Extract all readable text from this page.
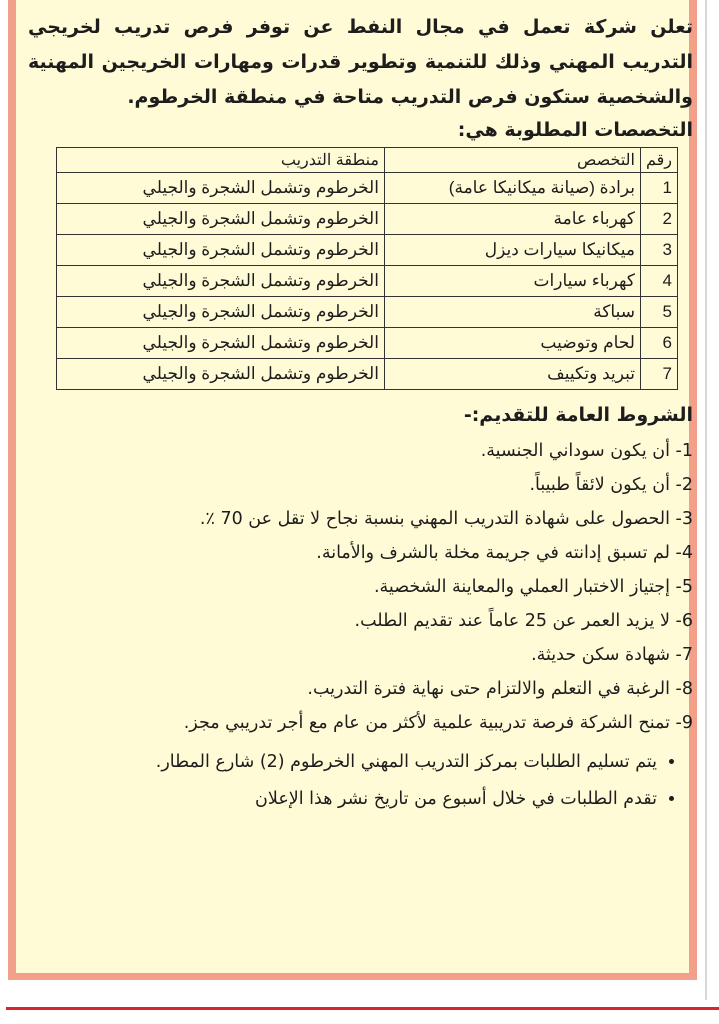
تعلن شركة تعمل في مجال النفط عن توفر فرص تدريب لخريجي التدريب المهني وذلك للتنمية وتطوير قدرات ومهارات الخريجين المهنية والشخصية ستكون فرص التدريب متاحة في منطقة الخرطوم.

التخصصات المطلوبة هي:

رقم	التخصص	منطقة التدريب
1	برادة (صيانة ميكانيكا عامة)	الخرطوم وتشمل الشجرة والجيلي
2	كهرباء عامة	الخرطوم وتشمل الشجرة والجيلي
3	ميكانيكا سيارات ديزل	الخرطوم وتشمل الشجرة والجيلي
4	كهرباء سيارات	الخرطوم وتشمل الشجرة والجيلي
5	سباكة	الخرطوم وتشمل الشجرة والجيلي
6	لحام وتوضيب	الخرطوم وتشمل الشجرة والجيلي
7	تبريد وتكييف	الخرطوم وتشمل الشجرة والجيلي
الشروط العامة للتقديم:-
1- أن يكون سوداني الجنسية.
2- أن يكون لائقاً طبيباً.
3- الحصول على شهادة التدريب المهني بنسبة نجاح لا تقل عن 70 ٪.
4- لم تسبق إدانته في جريمة مخلة بالشرف والأمانة.
5- إجتياز الاختبار العملي والمعاينة الشخصية.
6- لا يزيد العمر عن 25 عاماً عند تقديم الطلب.
7- شهادة سكن حديثة.
8- الرغبة في التعلم والالتزام حتى نهاية فترة التدريب.
9- تمنح الشركة فرصة تدريبية علمية لأكثر من عام مع أجر تدريبي مجز.
• يتم تسليم الطلبات بمركز التدريب المهني الخرطوم (2) شارع المطار.
• تقدم الطلبات في خلال أسبوع من تاريخ نشر هذا الإعلان
